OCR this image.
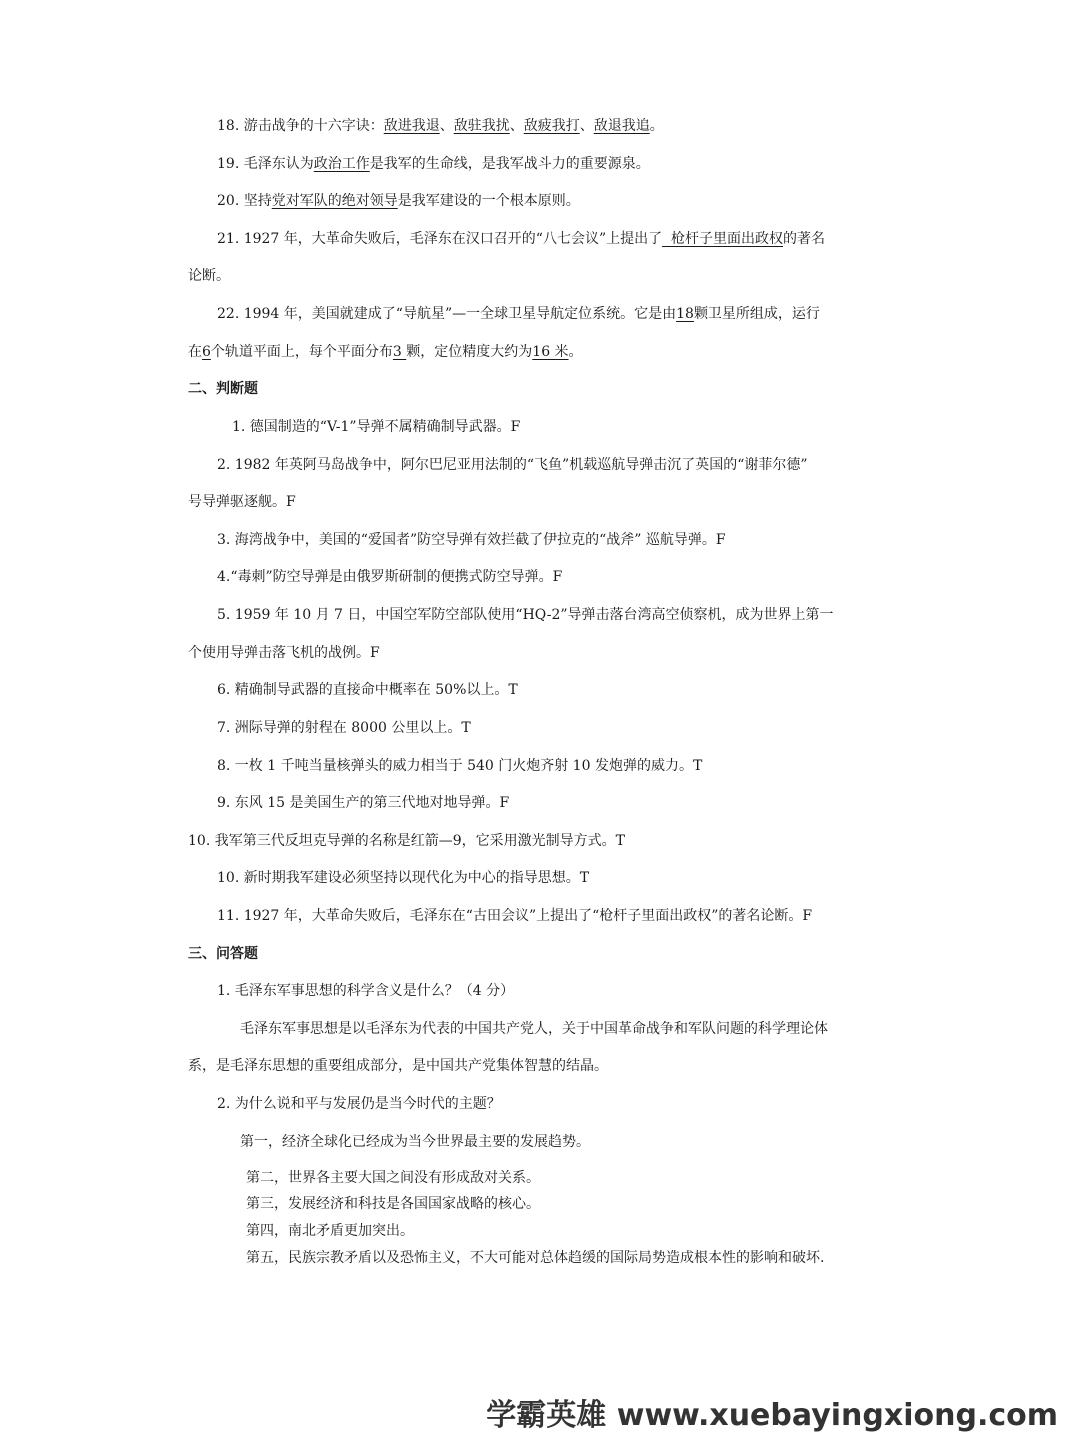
18. 游击战争的十六字诀：敌进我退、敌驻我扰、敌疲我打、敌退我追。
19. 毛泽东认为政治工作是我军的生命线，是我军战斗力的重要源泉。
20. 坚持党对军队的绝对领导是我军建设的一个根本原则。
21. 1927 年，大革命失败后，毛泽东在汉口召开的“八七会议”上提出了  枪杆子里面出政权的著名
论断。
22. 1994 年，美国就建成了“导航星”—一全球卫星导航定位系统。它是由18颗卫星所组成，运行
在6个轨道平面上，每个平面分布3 颗，定位精度大约为16 米。
二、判断题
1. 德国制造的“V-1”导弹不属精确制导武器。F
2. 1982 年英阿马岛战争中，阿尔巴尼亚用法制的“飞鱼”机载巡航导弹击沉了英国的“谢菲尔德”
号导弹驱逐舰。F
3. 海湾战争中，美国的“爱国者”防空导弹有效拦截了伊拉克的“战斧” 巡航导弹。F
4.“毒刺”防空导弹是由俄罗斯研制的便携式防空导弹。F
5. 1959 年 10 月 7 日，中国空军防空部队使用“HQ-2”导弹击落台湾高空侦察机，成为世界上第一
个使用导弹击落飞机的战例。F
6. 精确制导武器的直接命中概率在 50%以上。T
7. 洲际导弹的射程在 8000 公里以上。T
8. 一枚 1 千吨当量核弹头的威力相当于 540 门火炮齐射 10 发炮弹的威力。T
9. 东风 15 是美国生产的第三代地对地导弹。F
10. 我军第三代反坦克导弹的名称是红箭—9，它采用激光制导方式。T
10. 新时期我军建设必须坚持以现代化为中心的指导思想。T
11. 1927 年，大革命失败后，毛泽东在“古田会议”上提出了“枪杆子里面出政权”的著名论断。F
三、问答题
1. 毛泽东军事思想的科学含义是什么？（4 分）
毛泽东军事思想是以毛泽东为代表的中国共产党人，关于中国革命战争和军队问题的科学理论体
系，是毛泽东思想的重要组成部分，是中国共产党集体智慧的结晶。
2. 为什么说和平与发展仍是当今时代的主题？
第一，经济全球化已经成为当今世界最主要的发展趋势。
第二，世界各主要大国之间没有形成敌对关系。
第三，发展经济和科技是各国国家战略的核心。
第四，南北矛盾更加突出。
第五，民族宗教矛盾以及恐怖主义，不大可能对总体趋缓的国际局势造成根本性的影响和破坏.
学霸英雄 www.xuebayingxiong.com
